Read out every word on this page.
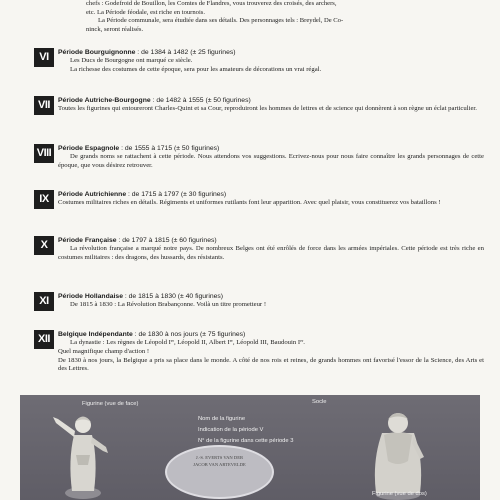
chefs : Godefroid de Bouillon, les Comtes de Flandres, vous trouverez des croisés, des archers,

etc. La Période féodale, est riche en tournois.

La Période communale, sera étudiée dans ses détails. Des personnages tels : Breydel, De Co-

ninck, seront réalisés.

VI	Période Bourguignonne : de 1384 à 1482 (± 25 figurines)

Les Ducs de Bourgogne ont marqué ce siècle.

La richesse des costumes de cette époque, sera pour les amateurs de décorations un vrai régal.

VII	Période Autriche-Bourgogne : de 1482 à 1555 (± 50 figurines)

Toutes les figurines qui entoureront Charles-Quint et sa Cour, reproduiront les hommes de lettres et de science qui donnèrent à son règne un éclat particulier.

VIII Période Espagnole : de 1555 à 1715 (± 50 figurines)

De grands noms se rattachent à cette période. Nous attendons vos suggestions. Ecrivez-nous pour nous faire connaître les grands personnages de cette époque, que vous désirez retrouver.

IX	Période Autrichienne : de 1715 à 1797 (± 30 figurines)

Costumes militaires riches en détails. Régiments et uniformes rutilants font leur apparition. Avec quel plaisir, vous constituerez vos bataillons !

X	Période Française : de 1797 à 1815 (± 60 figurines)

La révolution française a marqué notre pays. De nombreux Belges ont été enrôlés de force dans les armées impériales. Cette période est très riche en costumes militaires : des dragons, des hussards, des résistants.

XI	Période Hollandaise : de 1815 à 1830 (± 40 figurines)

De 1815 à 1830 : La Révolution Brabançonne. Voilà un titre prometteur !

XII	Belgique Indépendante : de 1830 à nos jours (± 75 figurines)

La dynastie : Les règnes de Léopold Iᵉʳ, Léopold II, Albert Iᵉʳ, Léopold III, Baudouin Iᵉʳ.

Quel magnifique champ d'action !

De 1830 à nos jours, la Belgique a pris sa place dans le monde. A côté de nos rois et reines, de grands hommes ont favorisé l'essor de la Science, des Arts et des Lettres.

Figurine (vue de face)	Socle
Nom de la figurine
Indication de la période V
N° de la figurine dans cette période 3
Figurine (vue de dos)
J.-S. EVERTS VAN DER
JACOB VAN ARTEVELDE
